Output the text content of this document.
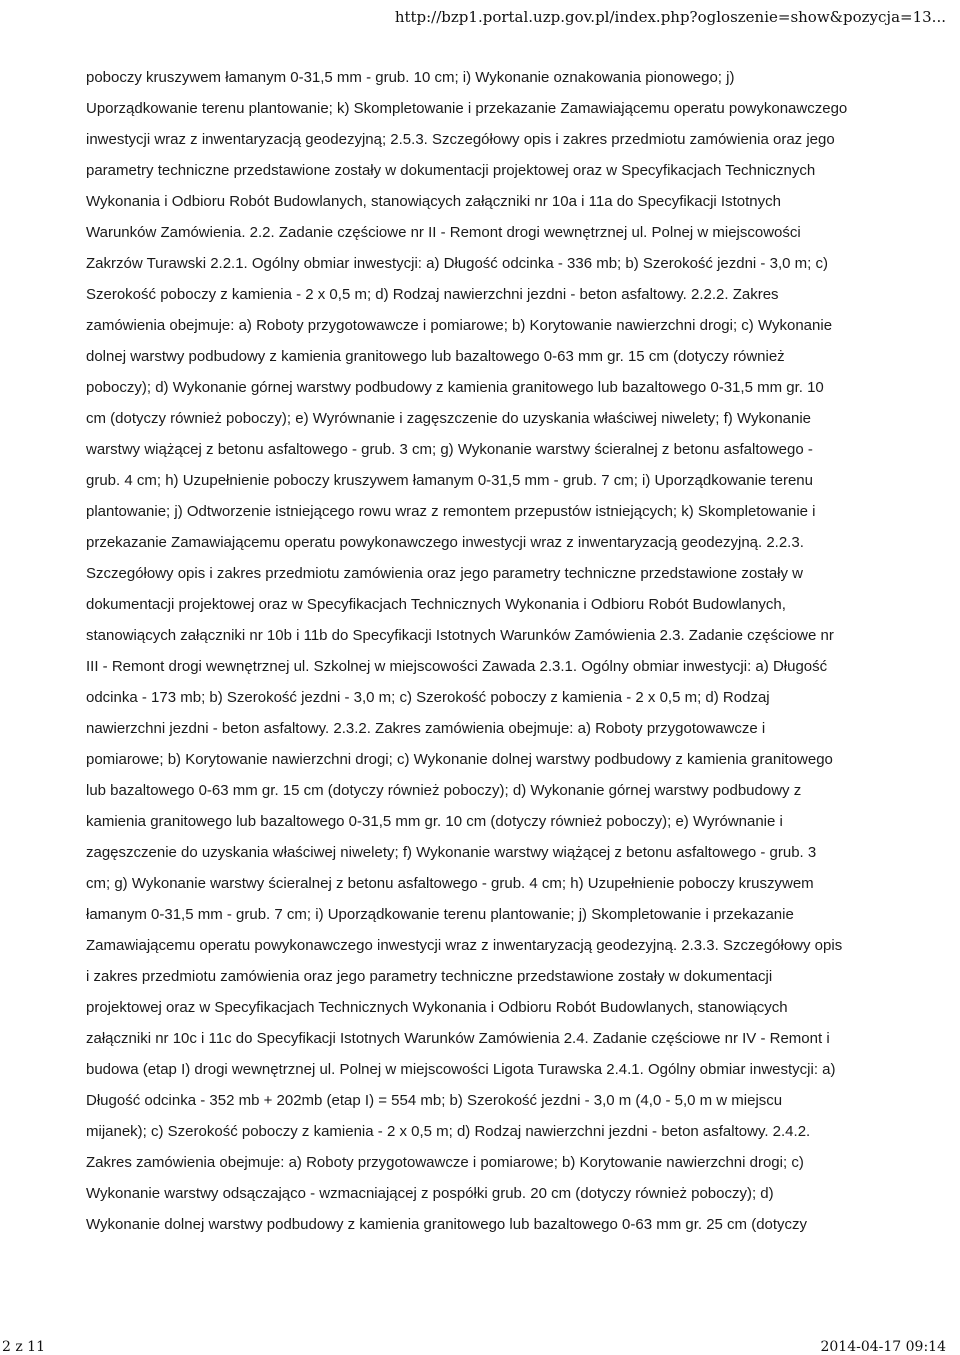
http://bzp1.portal.uzp.gov.pl/index.php?ogloszenie=show&pozycja=13...
poboczy kruszywem łamanym 0-31,5 mm - grub. 10 cm; i) Wykonanie oznakowania pionowego; j)
Uporządkowanie terenu plantowanie; k) Skompletowanie i przekazanie Zamawiającemu operatu powykonawczego
inwestycji wraz z inwentaryzacją geodezyjną; 2.5.3. Szczegółowy opis i zakres przedmiotu zamówienia oraz jego
parametry techniczne przedstawione zostały w dokumentacji projektowej oraz w Specyfikacjach Technicznych
Wykonania i Odbioru Robót Budowlanych, stanowiących załączniki nr 10a i 11a do Specyfikacji Istotnych
Warunków Zamówienia. 2.2. Zadanie częściowe nr II - Remont drogi wewnętrznej ul. Polnej w miejscowości
Zakrzów Turawski 2.2.1. Ogólny obmiar inwestycji: a) Długość odcinka - 336 mb; b) Szerokość jezdni - 3,0 m; c)
Szerokość poboczy z kamienia - 2 x 0,5 m; d) Rodzaj nawierzchni jezdni - beton asfaltowy. 2.2.2. Zakres
zamówienia obejmuje: a) Roboty przygotowawcze i pomiarowe; b) Korytowanie nawierzchni drogi; c) Wykonanie
dolnej warstwy podbudowy z kamienia granitowego lub bazaltowego 0-63 mm gr. 15 cm (dotyczy również
poboczy); d) Wykonanie górnej warstwy podbudowy z kamienia granitowego lub bazaltowego 0-31,5 mm gr. 10
cm (dotyczy również poboczy); e) Wyrównanie i zagęszczenie do uzyskania właściwej niwelety; f) Wykonanie
warstwy wiążącej z betonu asfaltowego - grub. 3 cm; g) Wykonanie warstwy ścieralnej z betonu asfaltowego -
grub. 4 cm; h) Uzupełnienie poboczy kruszywem łamanym 0-31,5 mm - grub. 7 cm; i) Uporządkowanie terenu
plantowanie; j) Odtworzenie istniejącego rowu wraz z remontem przepustów istniejących; k) Skompletowanie i
przekazanie Zamawiającemu operatu powykonawczego inwestycji wraz z inwentaryzacją geodezyjną. 2.2.3.
Szczegółowy opis i zakres przedmiotu zamówienia oraz jego parametry techniczne przedstawione zostały w
dokumentacji projektowej oraz w Specyfikacjach Technicznych Wykonania i Odbioru Robót Budowlanych,
stanowiących załączniki nr 10b i 11b do Specyfikacji Istotnych Warunków Zamówienia 2.3. Zadanie częściowe nr
III - Remont drogi wewnętrznej ul. Szkolnej w miejscowości Zawada 2.3.1. Ogólny obmiar inwestycji: a) Długość
odcinka - 173 mb; b) Szerokość jezdni - 3,0 m; c) Szerokość poboczy z kamienia - 2 x 0,5 m; d) Rodzaj
nawierzchni jezdni - beton asfaltowy. 2.3.2. Zakres zamówienia obejmuje: a) Roboty przygotowawcze i
pomiarowe; b) Korytowanie nawierzchni drogi; c) Wykonanie dolnej warstwy podbudowy z kamienia granitowego
lub bazaltowego 0-63 mm gr. 15 cm (dotyczy również poboczy); d) Wykonanie górnej warstwy podbudowy z
kamienia granitowego lub bazaltowego 0-31,5 mm gr. 10 cm (dotyczy również poboczy); e) Wyrównanie i
zagęszczenie do uzyskania właściwej niwelety; f) Wykonanie warstwy wiążącej z betonu asfaltowego - grub. 3
cm; g) Wykonanie warstwy ścieralnej z betonu asfaltowego - grub. 4 cm; h) Uzupełnienie poboczy kruszywem
łamanym 0-31,5 mm - grub. 7 cm; i) Uporządkowanie terenu plantowanie; j) Skompletowanie i przekazanie
Zamawiającemu operatu powykonawczego inwestycji wraz z inwentaryzacją geodezyjną. 2.3.3. Szczegółowy opis
i zakres przedmiotu zamówienia oraz jego parametry techniczne przedstawione zostały w dokumentacji
projektowej oraz w Specyfikacjach Technicznych Wykonania i Odbioru Robót Budowlanych, stanowiących
załączniki nr 10c i 11c do Specyfikacji Istotnych Warunków Zamówienia 2.4. Zadanie częściowe nr IV - Remont i
budowa (etap I) drogi wewnętrznej ul. Polnej w miejscowości Ligota Turawska 2.4.1. Ogólny obmiar inwestycji: a)
Długość odcinka - 352 mb + 202mb (etap I) = 554 mb; b) Szerokość jezdni - 3,0 m (4,0 - 5,0 m w miejscu
mijanek); c) Szerokość poboczy z kamienia - 2 x 0,5 m; d) Rodzaj nawierzchni jezdni - beton asfaltowy. 2.4.2.
Zakres zamówienia obejmuje: a) Roboty przygotowawcze i pomiarowe; b) Korytowanie nawierzchni drogi; c)
Wykonanie warstwy odsączająco - wzmacniającej z pospółki grub. 20 cm (dotyczy również poboczy); d)
Wykonanie dolnej warstwy podbudowy z kamienia granitowego lub bazaltowego 0-63 mm gr. 25 cm (dotyczy
2 z 11	2014-04-17 09:14
